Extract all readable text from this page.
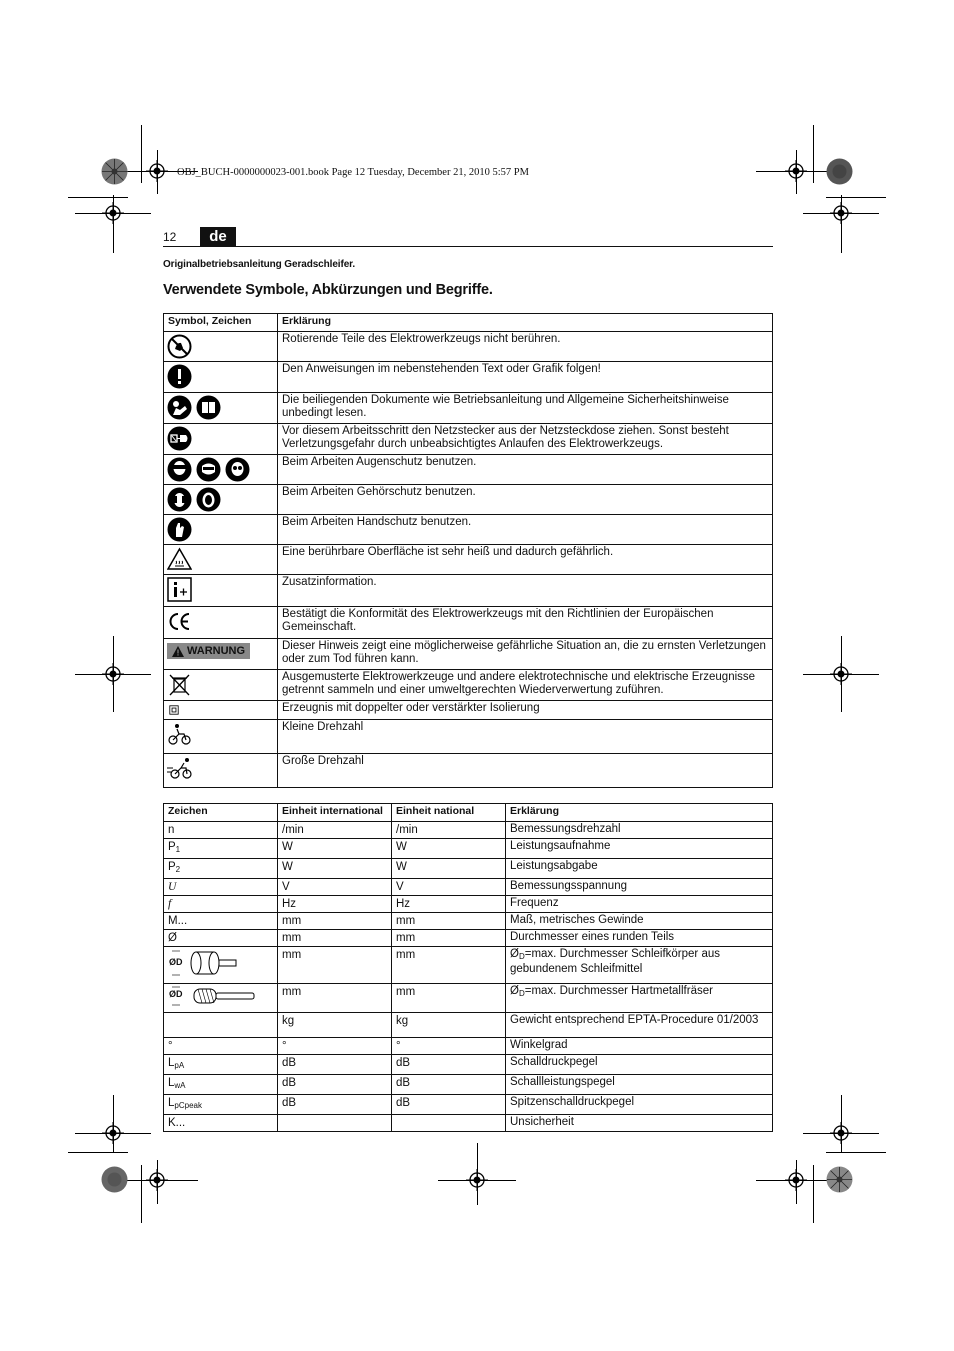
OBJ_BUCH-0000000023-001.book Page 12 Tuesday, December 21, 2010 5:57 PM
12	de
Originalbetriebsanleitung Geradschleifer.
Verwendete Symbole, Abkürzungen und Begriffe.
Symbol, Zeichen	Erklärung

	Rotierende Teile des Elektrowerkzeugs nicht berühren.

	Den Anweisungen im nebenstehenden Text oder Grafik folgen!

	Die beiliegenden Dokumente wie Betriebsanleitung und Allgemeine Sicherheitshinweise unbedingt lesen.

	Vor diesem Arbeitsschritt den Netzstecker aus der Netzsteckdose ziehen. Sonst besteht Verletzungsgefahr durch unbeabsichtigtes Anlaufen des Elektrowerkzeugs.

	Beim Arbeiten Augenschutz benutzen.

	Beim Arbeiten Gehörschutz benutzen.

	Beim Arbeiten Handschutz benutzen.

	Eine berührbare Oberfläche ist sehr heiß und dadurch gefährlich.

	Zusatzinformation.

	Bestätigt die Konformität des Elektrowerkzeugs mit den Richtlinien der Europäischen Gemeinschaft.

WARNUNG	Dieser Hinweis zeigt eine möglicherweise gefährliche Situation an, die zu ernsten Verletzungen oder zum Tod führen kann.

	Ausgemusterte Elektrowerkzeuge und andere elektrotechnische und elektrische Erzeugnisse getrennt sammeln und einer umweltgerechten Wiederverwertung zuführen.

	Erzeugnis mit doppelter oder verstärkter Isolierung

	Kleine Drehzahl

	Große Drehzahl
Zeichen	Einheit international	Einheit national	Erklärung
n	/min	/min	Bemessungsdrehzahl
$P_1$	W	W	Leistungsaufnahme
$P_2$	W	W	Leistungsabgabe
U	V	V	Bemessungsspannung
f	Hz	Hz	Frequenz
M...	mm	mm	Maß, metrisches Gewinde
Ø	mm	mm	Durchmesser eines runden Teils

ØD	mm	mm	$Ø_D=\max$. Durchmesser Schleifkörper aus gebundenem Schleifmittel

ØD	mm	mm	$Ø_D=\max$. Durchmesser Hartmetallfräser
	kg	kg	Gewicht entsprechend EPTA-Procedure 01/2003
°	°	°	Winkelgrad
$L_{pA}$	dB	dB	Schalldruckpegel
$L_{wA}$	dB	dB	Schallleistungspegel
$L_{pCpeak}$	dB	dB	Spitzenschalldruckpegel
K...			Unsicherheit
